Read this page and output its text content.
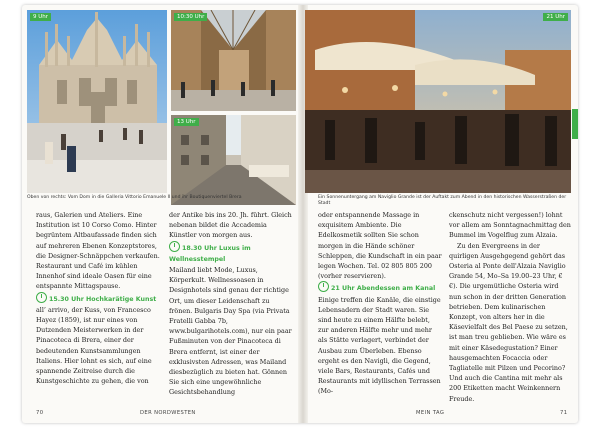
9 Uhr	10:30 Uhr
13 Uhr
Oben von rechts: Vom Dom in die Galleria Vittorio Emanuele II und ihr Boutiquenviertel Brera

raus, Galerien und Ateliers. Eine Institution ist 10 Corso Como. Hinter begrüntem Altbaufassade finden sich auf mehreren Ebenen Konzeptstores, die Designer-Schnäppchen verkaufen. Restaurant und Café im kühlen Innenhof sind ideale Oasen für eine entspannte Mittagspause.

15.30 Uhr Hochkarätige Kunst

all’ arrivo, der Kuss, von Francesco Hayez (1859), ist nur eines von Dutzenden Meisterwerken in der Pinacoteca di Brera, einer der bedeutenden Kunstsammlungen Italiens. Hier lohnt es sich, auf eine spannende Zeitreise durch die Kunstgeschichte zu gehen, die von

der Antike bis ins 20. Jh. führt. Gleich nebenan bildet die Accademia Künstler von morgen aus.

18.30 Uhr Luxus im Wellnesstempel

Mailand liebt Mode, Luxus, Körperkult. Wellnessoasen in Designhotels sind genau der richtige Ort, um dieser Leidenschaft zu frönen. Bulgaris Day Spa (via Privata Fratelli Gabba 7b, www.bulgarihotels.com), nur ein paar Fußminuten von der Pinacoteca di Brera entfernt, ist einer der exklusivsten Adressen, was Mailand diesbezüglich zu bieten hat. Gönnen Sie sich eine ungewöhnliche Gesichtsbehandlung

21 Uhr
Ein Sonnenuntergang am Naviglio Grande ist der Auftakt zum Abend in den historischen Wasserstraßen der Stadt

oder entspannende Massage in exquisitem Ambiente. Die Edelkosmetik sollten Sie schon morgen in die Hände schöner Schleppen, die Kundschaft in ein paar legen Wochen. Tel. 02 805 805 200 (vorher reservieren).

21 Uhr Abendessen am Kanal

Einige treffen die Kanäle, die einstige Lebensadern der Stadt waren. Sie sind heute zu einem Hälfte belebt, zur anderen Hälfte mehr und mehr als Stätte verlagert, verbindet der Ausbau zum Überleben. Ebenso ergeht es den Navigli, die Gegend, viele Bars, Restaurants, Cafés und Restaurants mit idyllischen Terrassen (Mo-

ckenschutz nicht vergessen!) lohnt vor allem am Sonntagnachmittag den Bummel im Vogelflug zum Alzaia.

Zu den Evergreens in der quirligen Ausgehgegend gehört das Osteria al Ponte dell'Alzaia Naviglio Grande 54, Mo–Sa 19.00–23 Uhr, €€). Die urgemütliche Osteria wird nun schon in der dritten Generation betrieben. Dem kulinarischen Konzept, von alters her in die Käsevielfalt des Bel Paese zu setzen, ist man treu geblieben. Wie wäre es mit einer Käsedegustation? Einer hausgemachten Focaccia oder Tagliatelle mit Pilzen und Pecorino? Und auch die Cantina mit mehr als 200 Etiketten macht Weinkennern Freude.

70	DER NORDWESTEN	MEIN TAG	71
